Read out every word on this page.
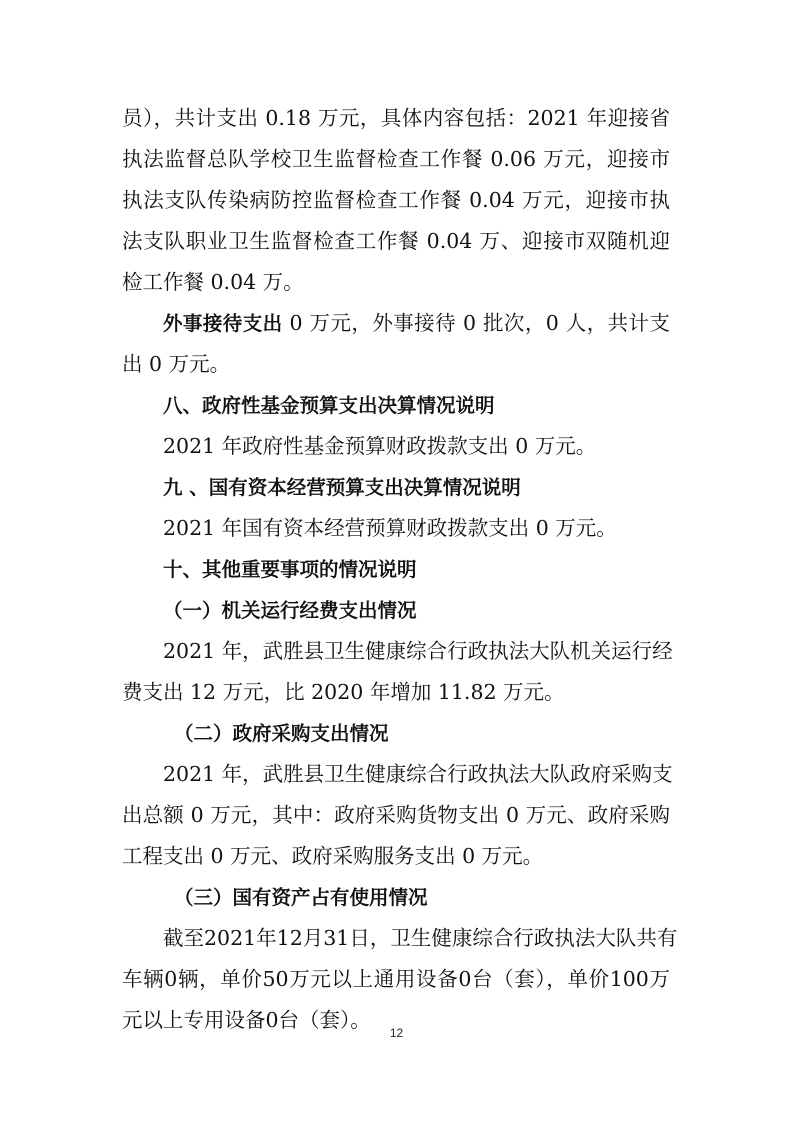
员），共计支出 0.18 万元，具体内容包括：2021 年迎接省
执法监督总队学校卫生监督检查工作餐 0.06 万元，迎接市
执法支队传染病防控监督检查工作餐 0.04 万元，迎接市执
法支队职业卫生监督检查工作餐 0.04 万、迎接市双随机迎
检工作餐 0.04 万。
外事接待支出 0 万元，外事接待 0 批次，0 人，共计支
出 0 万元。
八、政府性基金预算支出决算情况说明
2021 年政府性基金预算财政拨款支出 0 万元。
九 、国有资本经营预算支出决算情况说明
2021 年国有资本经营预算财政拨款支出 0 万元。
十、其他重要事项的情况说明
（一）机关运行经费支出情况
2021 年，武胜县卫生健康综合行政执法大队机关运行经
费支出 12 万元，比 2020 年增加 11.82 万元。
（二）政府采购支出情况
2021 年，武胜县卫生健康综合行政执法大队政府采购支
出总额 0 万元，其中：政府采购货物支出 0 万元、政府采购
工程支出 0 万元、政府采购服务支出 0 万元。
（三）国有资产占有使用情况
截至2021年12月31日，卫生健康综合行政执法大队共有
车辆0辆，单价50万元以上通用设备0台（套），单价100万
元以上专用设备0台（套）。
12
